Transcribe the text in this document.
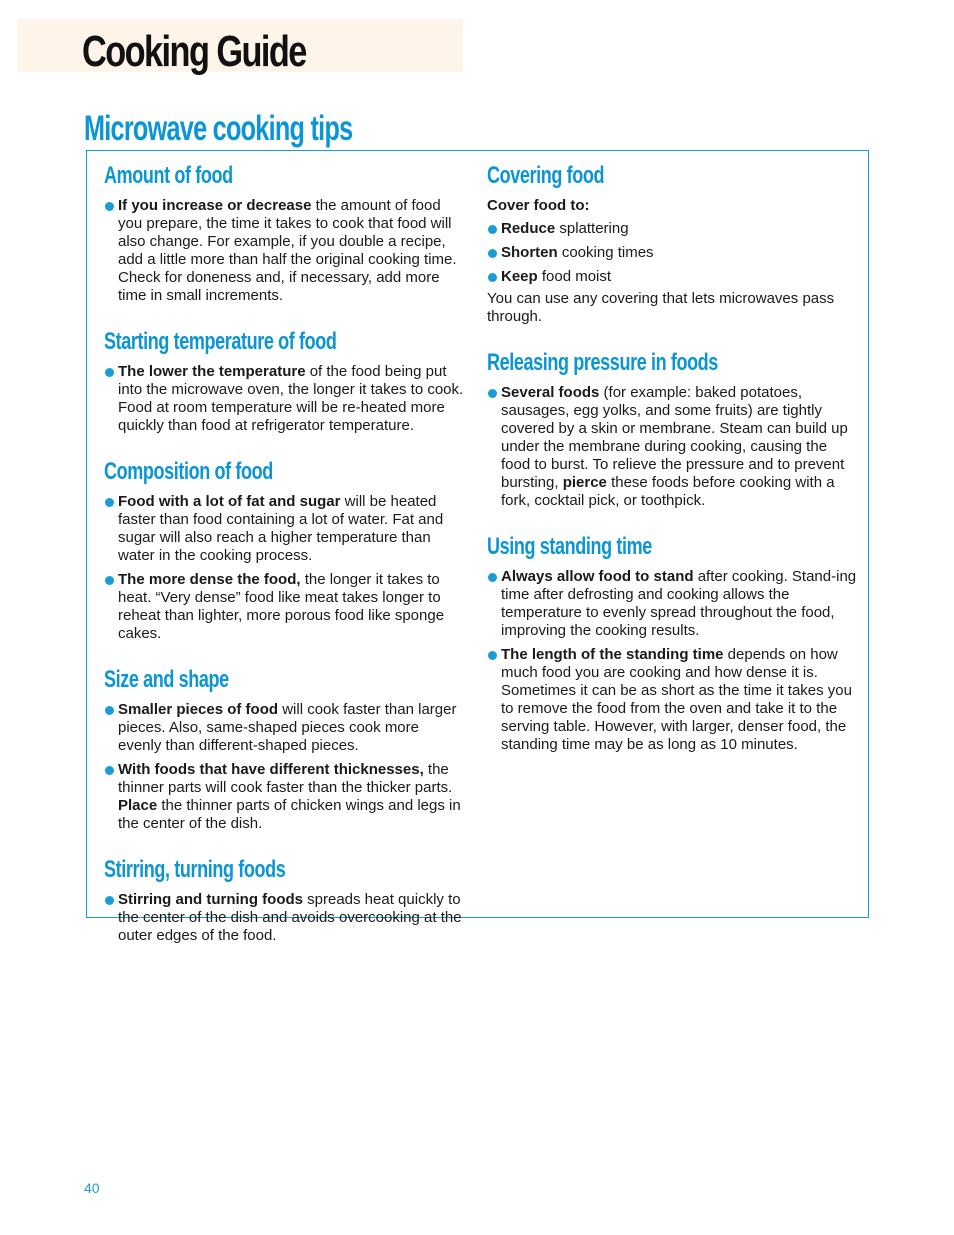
Cooking Guide
Microwave cooking tips
Amount of food
If you increase or decrease the amount of food you prepare, the time it takes to cook that food will also change. For example, if you double a recipe, add a little more than half the original cooking time. Check for doneness and, if necessary, add more time in small increments.
Starting temperature of food
The lower the temperature of the food being put into the microwave oven, the longer it takes to cook. Food at room temperature will be re-heated more quickly than food at refrigerator temperature.
Composition of food
Food with a lot of fat and sugar will be heated faster than food containing a lot of water. Fat and sugar will also reach a higher temperature than water in the cooking process.
The more dense the food, the longer it takes to heat. “Very dense” food like meat takes longer to reheat than lighter, more porous food like sponge cakes.
Size and shape
Smaller pieces of food will cook faster than larger pieces. Also, same-shaped pieces cook more evenly than different-shaped pieces.
With foods that have different thicknesses, the thinner parts will cook faster than the thicker parts. Place the thinner parts of chicken wings and legs in the center of the dish.
Stirring, turning foods
Stirring and turning foods spreads heat quickly to the center of the dish and avoids overcooking at the outer edges of the food.
Covering food

Cover food to:

Reduce splattering
Shorten cooking times
Keep food moist

You can use any covering that lets microwaves pass through.

Releasing pressure in foods
Several foods (for example: baked potatoes, sausages, egg yolks, and some fruits) are tightly covered by a skin or membrane. Steam can build up under the membrane during cooking, causing the food to burst. To relieve the pressure and to prevent bursting, pierce these foods before cooking with a fork, cocktail pick, or toothpick.
Using standing time
Always allow food to stand after cooking. Stand-ing time after defrosting and cooking allows the temperature to evenly spread throughout the food, improving the cooking results.
The length of the standing time depends on how much food you are cooking and how dense it is. Sometimes it can be as short as the time it takes you to remove the food from the oven and take it to the serving table. However, with larger, denser food, the standing time may be as long as 10 minutes.
40
